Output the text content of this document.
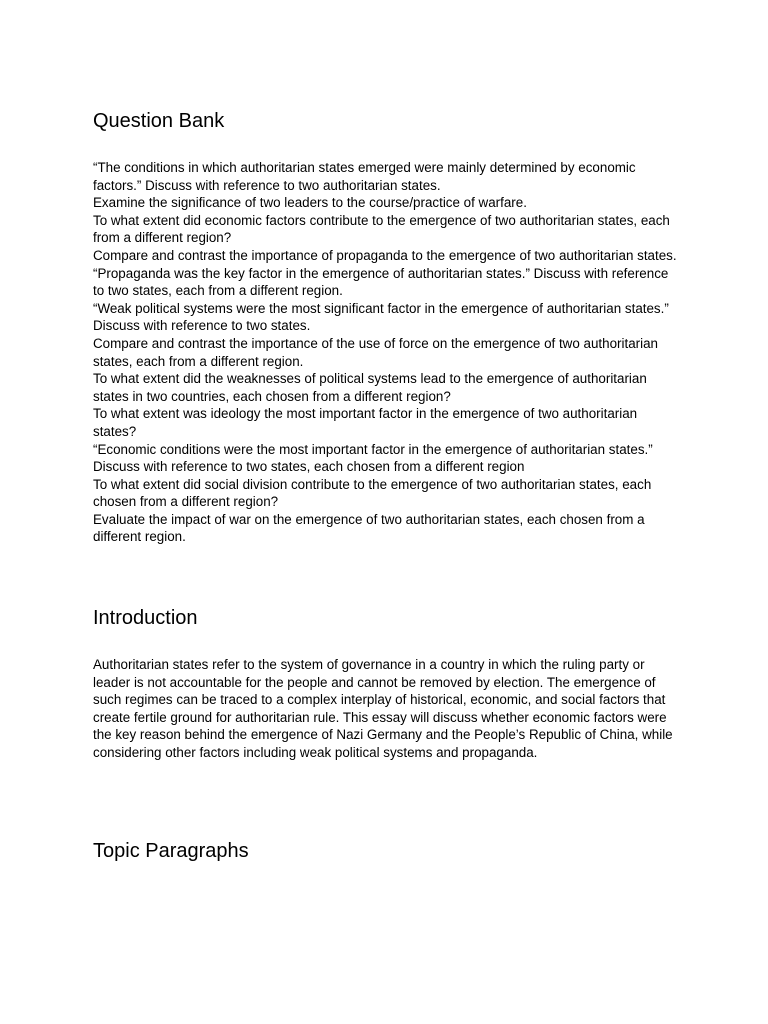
Question Bank
“The conditions in which authoritarian states emerged were mainly determined by economic factors.” Discuss with reference to two authoritarian states.
Examine the significance of two leaders to the course/practice of warfare.
To what extent did economic factors contribute to the emergence of two authoritarian states, each from a different region?
Compare and contrast the importance of propaganda to the emergence of two authoritarian states.
“Propaganda was the key factor in the emergence of authoritarian states.” Discuss with reference to two states, each from a different region.
“Weak political systems were the most significant factor in the emergence of authoritarian states.” Discuss with reference to two states.
Compare and contrast the importance of the use of force on the emergence of two authoritarian states, each from a different region.
To what extent did the weaknesses of political systems lead to the emergence of authoritarian states in two countries, each chosen from a different region?
To what extent was ideology the most important factor in the emergence of two authoritarian states?
“Economic conditions were the most important factor in the emergence of authoritarian states.” Discuss with reference to two states, each chosen from a different region
To what extent did social division contribute to the emergence of two authoritarian states, each chosen from a different region?
Evaluate the impact of war on the emergence of two authoritarian states, each chosen from a different region.
Introduction

Authoritarian states refer to the system of governance in a country in which the ruling party or leader is not accountable for the people and cannot be removed by election. The emergence of such regimes can be traced to a complex interplay of historical, economic, and social factors that create fertile ground for authoritarian rule. This essay will discuss whether economic factors were the key reason behind the emergence of Nazi Germany and the People’s Republic of China, while considering other factors including weak political systems and propaganda.

Topic Paragraphs
